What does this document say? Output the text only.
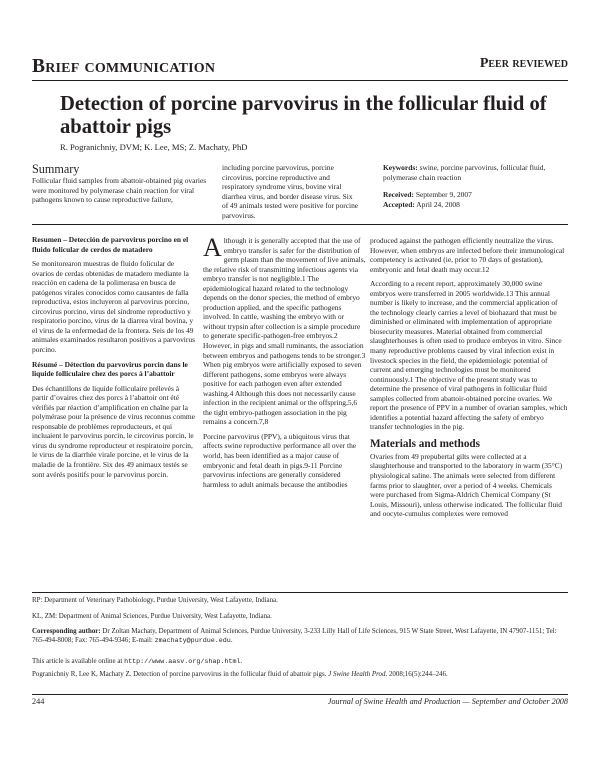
Brief communication	Peer reviewed
Detection of porcine parvovirus in the follicular fluid of abattoir pigs
R. Pogranichniy, DVM; K. Lee, MS; Z. Machaty, PhD
Summary
Follicular fluid samples from abattoir-obtained pig ovaries were monitored by polymerase chain reaction for viral pathogens known to cause reproductive failure,
including porcine parvovirus, porcine circovirus, porcine reproductive and respiratory syndrome virus, bovine viral diarrhea virus, and border disease virus. Six of 49 animals tested were positive for porcine parvovirus.
Keywords: swine, porcine parvovirus, follicular fluid, polymerase chain reaction
Received: September 9, 2007
Accepted: April 24, 2008
Resumen – Detección de parvovirus porcino en el fluido folicular de cerdos de matadero

Se monitorearon muestras de fluido folicular de ovarios de cerdas obtenidas de matadero mediante la reacción en cadena de la polimerasa en busca de patógenos virales conocidos como causantes de falla reproductiva, estos incluyeron al parvovirus porcino, circovirus porcino, virus del síndrome reproductivo y respiratorio porcino, virus de la diarrea viral bovina, y el virus de la enfermedad de la frontera. Seis de los 49 animales examinados resultaron positivos a parvovirus porcino.

Résumé – Détection du parvovirus porcin dans le liquide folliculaire chez des porcs à l’abattoir

Des échantillons de liquide folliculaire prélevés à partir d’ovaires chez des porcs à l’abattoir ont été vérifiés par réaction d’amplification en chaîne par la polymérase pour la présence de virus reconnus comme responsable de problèmes reproducteurs, et qui incluaient le parvovirus porcin, le circovirus porcin, le virus du syndrome reproducteur et respiratoire porcin, le virus de la diarrhée virale porcine, et le virus de la maladie de la frontière. Six des 49 animaux testés se sont avérés positifs pour le parvovirus porcin.

Although it is generally accepted that the use of embryo transfer is safer for the distribution of germ plasm than the movement of live animals, the relative risk of transmitting infectious agents via embryo transfer is not negligible.1 The epidemiological hazard related to the technology depends on the donor species, the method of embryo production applied, and the specific pathogens involved. In cattle, washing the embryo with or without trypsin after collection is a simple procedure to generate specific-pathogen-free embryos.2 However, in pigs and small ruminants, the association between embryos and pathogens tends to be stronger.3 When pig embryos were artificially exposed to seven different pathogens, some embryos were always positive for each pathogen even after extended washing.4 Although this does not necessarily cause infection in the recipient animal or the offspring,5,6 the tight embryo-pathogen association in the pig remains a concern.7,8

Porcine parvovirus (PPV), a ubiquitous virus that affects swine reproductive performance all over the world, has been identified as a major cause of embryonic and fetal death in pigs.9-11 Porcine parvovirus infections are generally considered harmless to adult animals because the antibodies

produced against the pathogen efficiently neutralize the virus. However, when embryos are infected before their immunological competency is activated (ie, prior to 70 days of gestation), embryonic and fetal death may occur.12

According to a recent report, approximately 30,000 swine embryos were transferred in 2005 worldwide.13 This annual number is likely to increase, and the commercial application of the technology clearly carries a level of biohazard that must be diminished or eliminated with implementation of appropriate biosecurity measures. Material obtained from commercial slaughterhouses is often used to produce embryos in vitro. Since many reproductive problems caused by viral infection exist in livestock species in the field, the epidemiologic potential of current and emerging technologies must be monitored continuously.1 The objective of the present study was to determine the presence of viral pathogens in follicular fluid samples collected from abattoir-obtained porcine ovaries. We report the presence of PPV in a number of ovarian samples, which identifies a potential hazard affecting the safety of embryo transfer technologies in the pig.

Materials and methods

Ovaries from 49 prepubertal gilts were collected at a slaughterhouse and transported to the laboratory in warm (35°C) physiological saline. The animals were selected from different farms prior to slaughter, over a period of 4 weeks. Chemicals were purchased from Sigma-Aldrich Chemical Company (St Louis, Missouri), unless otherwise indicated. The follicular fluid and oocyte-cumulus complexes were removed

RP: Department of Veterinary Pathobiology, Purdue University, West Lafayette, Indiana.
KL, ZM: Department of Animal Sciences, Purdue University, West Lafayette, Indiana.
Corresponding author: Dr Zoltan Machaty, Department of Animal Sciences, Purdue University, 3-233 Lilly Hall of Life Sciences, 915 W State Street, West Lafayette, IN 47907-1151; Tel: 765-494-8008; Fax: 765-494-9346; E-mail: zmachaty@purdue.edu.
This article is available online at http://www.aasv.org/shap.html.
Pogranichniy R, Lee K, Machaty Z. Detection of porcine parvovirus in the follicular fluid of abattoir pigs. J Swine Health Prod. 2008;16(5):244–246.
244	Journal of Swine Health and Production — September and October 2008
